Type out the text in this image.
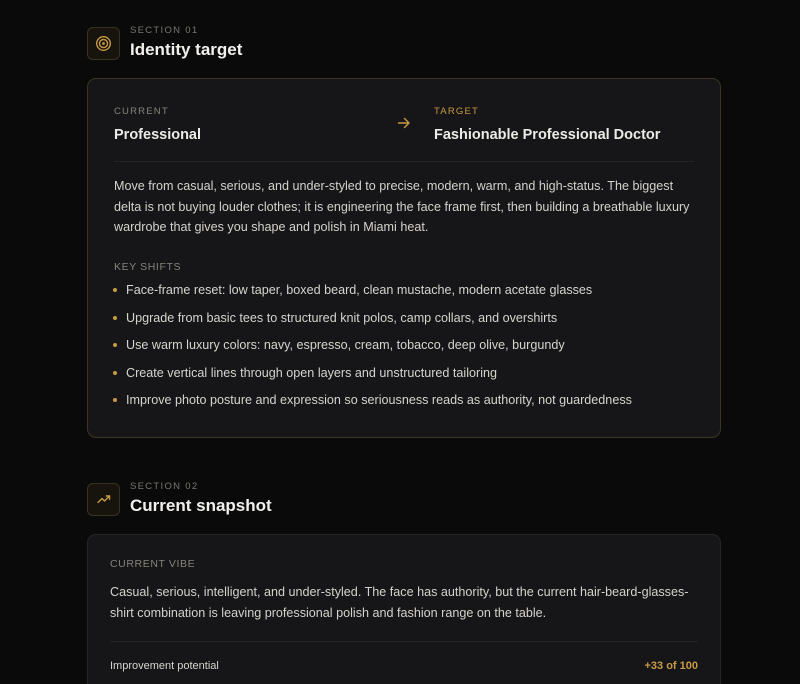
SECTION 01
Identity target
CURRENT
Professional
TARGET
Fashionable Professional Doctor
Move from casual, serious, and under-styled to precise, modern, warm, and high-status. The biggest delta is not buying louder clothes; it is engineering the face frame first, then building a breathable luxury wardrobe that gives you shape and polish in Miami heat.
KEY SHIFTS
Face-frame reset: low taper, boxed beard, clean mustache, modern acetate glasses
Upgrade from basic tees to structured knit polos, camp collars, and overshirts
Use warm luxury colors: navy, espresso, cream, tobacco, deep olive, burgundy
Create vertical lines through open layers and unstructured tailoring
Improve photo posture and expression so seriousness reads as authority, not guardedness
SECTION 02
Current snapshot
CURRENT VIBE
Casual, serious, intelligent, and under-styled. The face has authority, but the current hair-beard-glasses-shirt combination is leaving professional polish and fashion range on the table.
Improvement potential	+33 of 100
